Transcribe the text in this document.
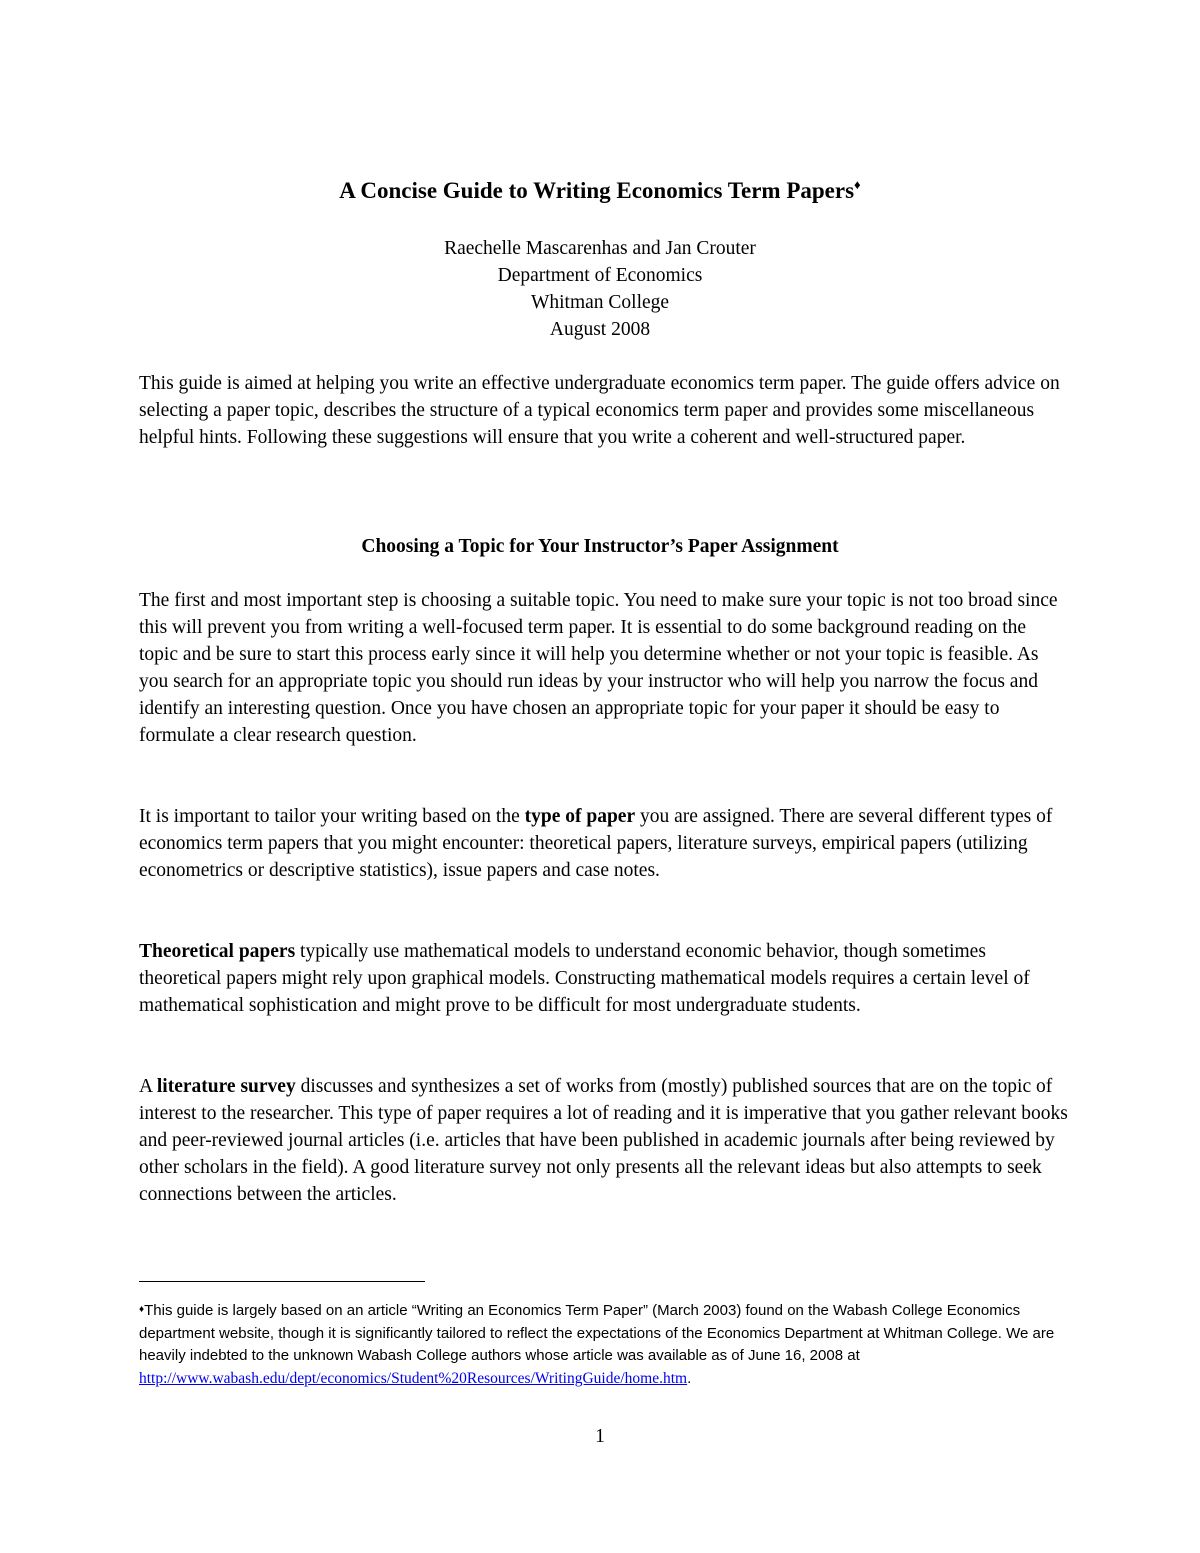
A Concise Guide to Writing Economics Term Papers♦
Raechelle Mascarenhas and Jan Crouter
Department of Economics
Whitman College
August 2008

This guide is aimed at helping you write an effective undergraduate economics term paper. The guide offers advice on selecting a paper topic, describes the structure of a typical economics term paper and provides some miscellaneous helpful hints. Following these suggestions will ensure that you write a coherent and well-structured paper.

Choosing a Topic for Your Instructor’s Paper Assignment

The first and most important step is choosing a suitable topic. You need to make sure your topic is not too broad since this will prevent you from writing a well-focused term paper. It is essential to do some background reading on the topic and be sure to start this process early since it will help you determine whether or not your topic is feasible. As you search for an appropriate topic you should run ideas by your instructor who will help you narrow the focus and identify an interesting question. Once you have chosen an appropriate topic for your paper it should be easy to formulate a clear research question.

It is important to tailor your writing based on the type of paper you are assigned. There are several different types of economics term papers that you might encounter: theoretical papers, literature surveys, empirical papers (utilizing econometrics or descriptive statistics), issue papers and case notes.

Theoretical papers typically use mathematical models to understand economic behavior, though sometimes theoretical papers might rely upon graphical models. Constructing mathematical models requires a certain level of mathematical sophistication and might prove to be difficult for most undergraduate students.

A literature survey discusses and synthesizes a set of works from (mostly) published sources that are on the topic of interest to the researcher. This type of paper requires a lot of reading and it is imperative that you gather relevant books and peer-reviewed journal articles (i.e. articles that have been published in academic journals after being reviewed by other scholars in the field). A good literature survey not only presents all the relevant ideas but also attempts to seek connections between the articles.

♦This guide is largely based on an article “Writing an Economics Term Paper” (March 2003) found on the Wabash College Economics department website, though it is significantly tailored to reflect the expectations of the Economics Department at Whitman College. We are heavily indebted to the unknown Wabash College authors whose article was available as of June 16, 2008 at http://www.wabash.edu/dept/economics/Student%20Resources/WritingGuide/home.htm.

1
